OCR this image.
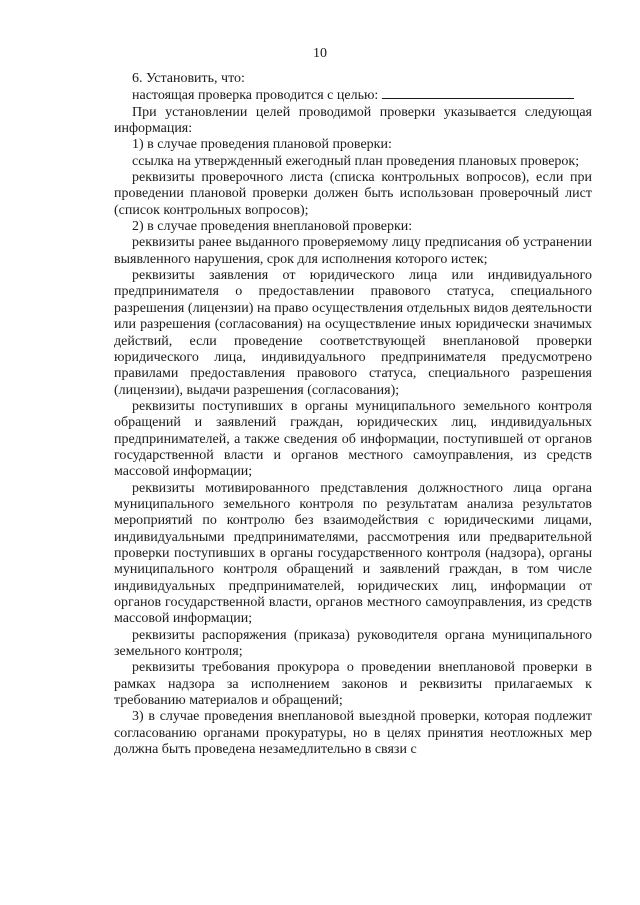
10

6. Установить, что:

настоящая проверка проводится с целью:

При установлении целей проводимой проверки указывается следующая информация:

1) в случае проведения плановой проверки:

ссылка на утвержденный ежегодный план проведения плановых проверок;

реквизиты проверочного листа (списка контрольных вопросов), если при проведении плановой проверки должен быть использован проверочный лист (список контрольных вопросов);

2) в случае проведения внеплановой проверки:

реквизиты ранее выданного проверяемому лицу предписания об устранении выявленного нарушения, срок для исполнения которого истек;

реквизиты заявления от юридического лица или индивидуального предпринимателя о предоставлении правового статуса, специального разрешения (лицензии) на право осуществления отдельных видов деятельности или разрешения (согласования) на осуществление иных юридически значимых действий, если проведение соответствующей внеплановой проверки юридического лица, индивидуального предпринимателя предусмотрено правилами предоставления правового статуса, специального разрешения (лицензии), выдачи разрешения (согласования);

реквизиты поступивших в органы муниципального земельного контроля обращений и заявлений граждан, юридических лиц, индивидуальных предпринимателей, а также сведения об информации, поступившей от органов государственной власти и органов местного самоуправления, из средств массовой информации;

реквизиты мотивированного представления должностного лица органа муниципального земельного контроля по результатам анализа результатов мероприятий по контролю без взаимодействия с юридическими лицами, индивидуальными предпринимателями, рассмотрения или предварительной проверки поступивших в органы государственного контроля (надзора), органы муниципального контроля обращений и заявлений граждан, в том числе индивидуальных предпринимателей, юридических лиц, информации от органов государственной власти, органов местного самоуправления, из средств массовой информации;

реквизиты распоряжения (приказа) руководителя органа муниципального земельного контроля;

реквизиты требования прокурора о проведении внеплановой проверки в рамках надзора за исполнением законов и реквизиты прилагаемых к требованию материалов и обращений;

3) в случае проведения внеплановой выездной проверки, которая подлежит согласованию органами прокуратуры, но в целях принятия неотложных мер должна быть проведена незамедлительно в связи с
